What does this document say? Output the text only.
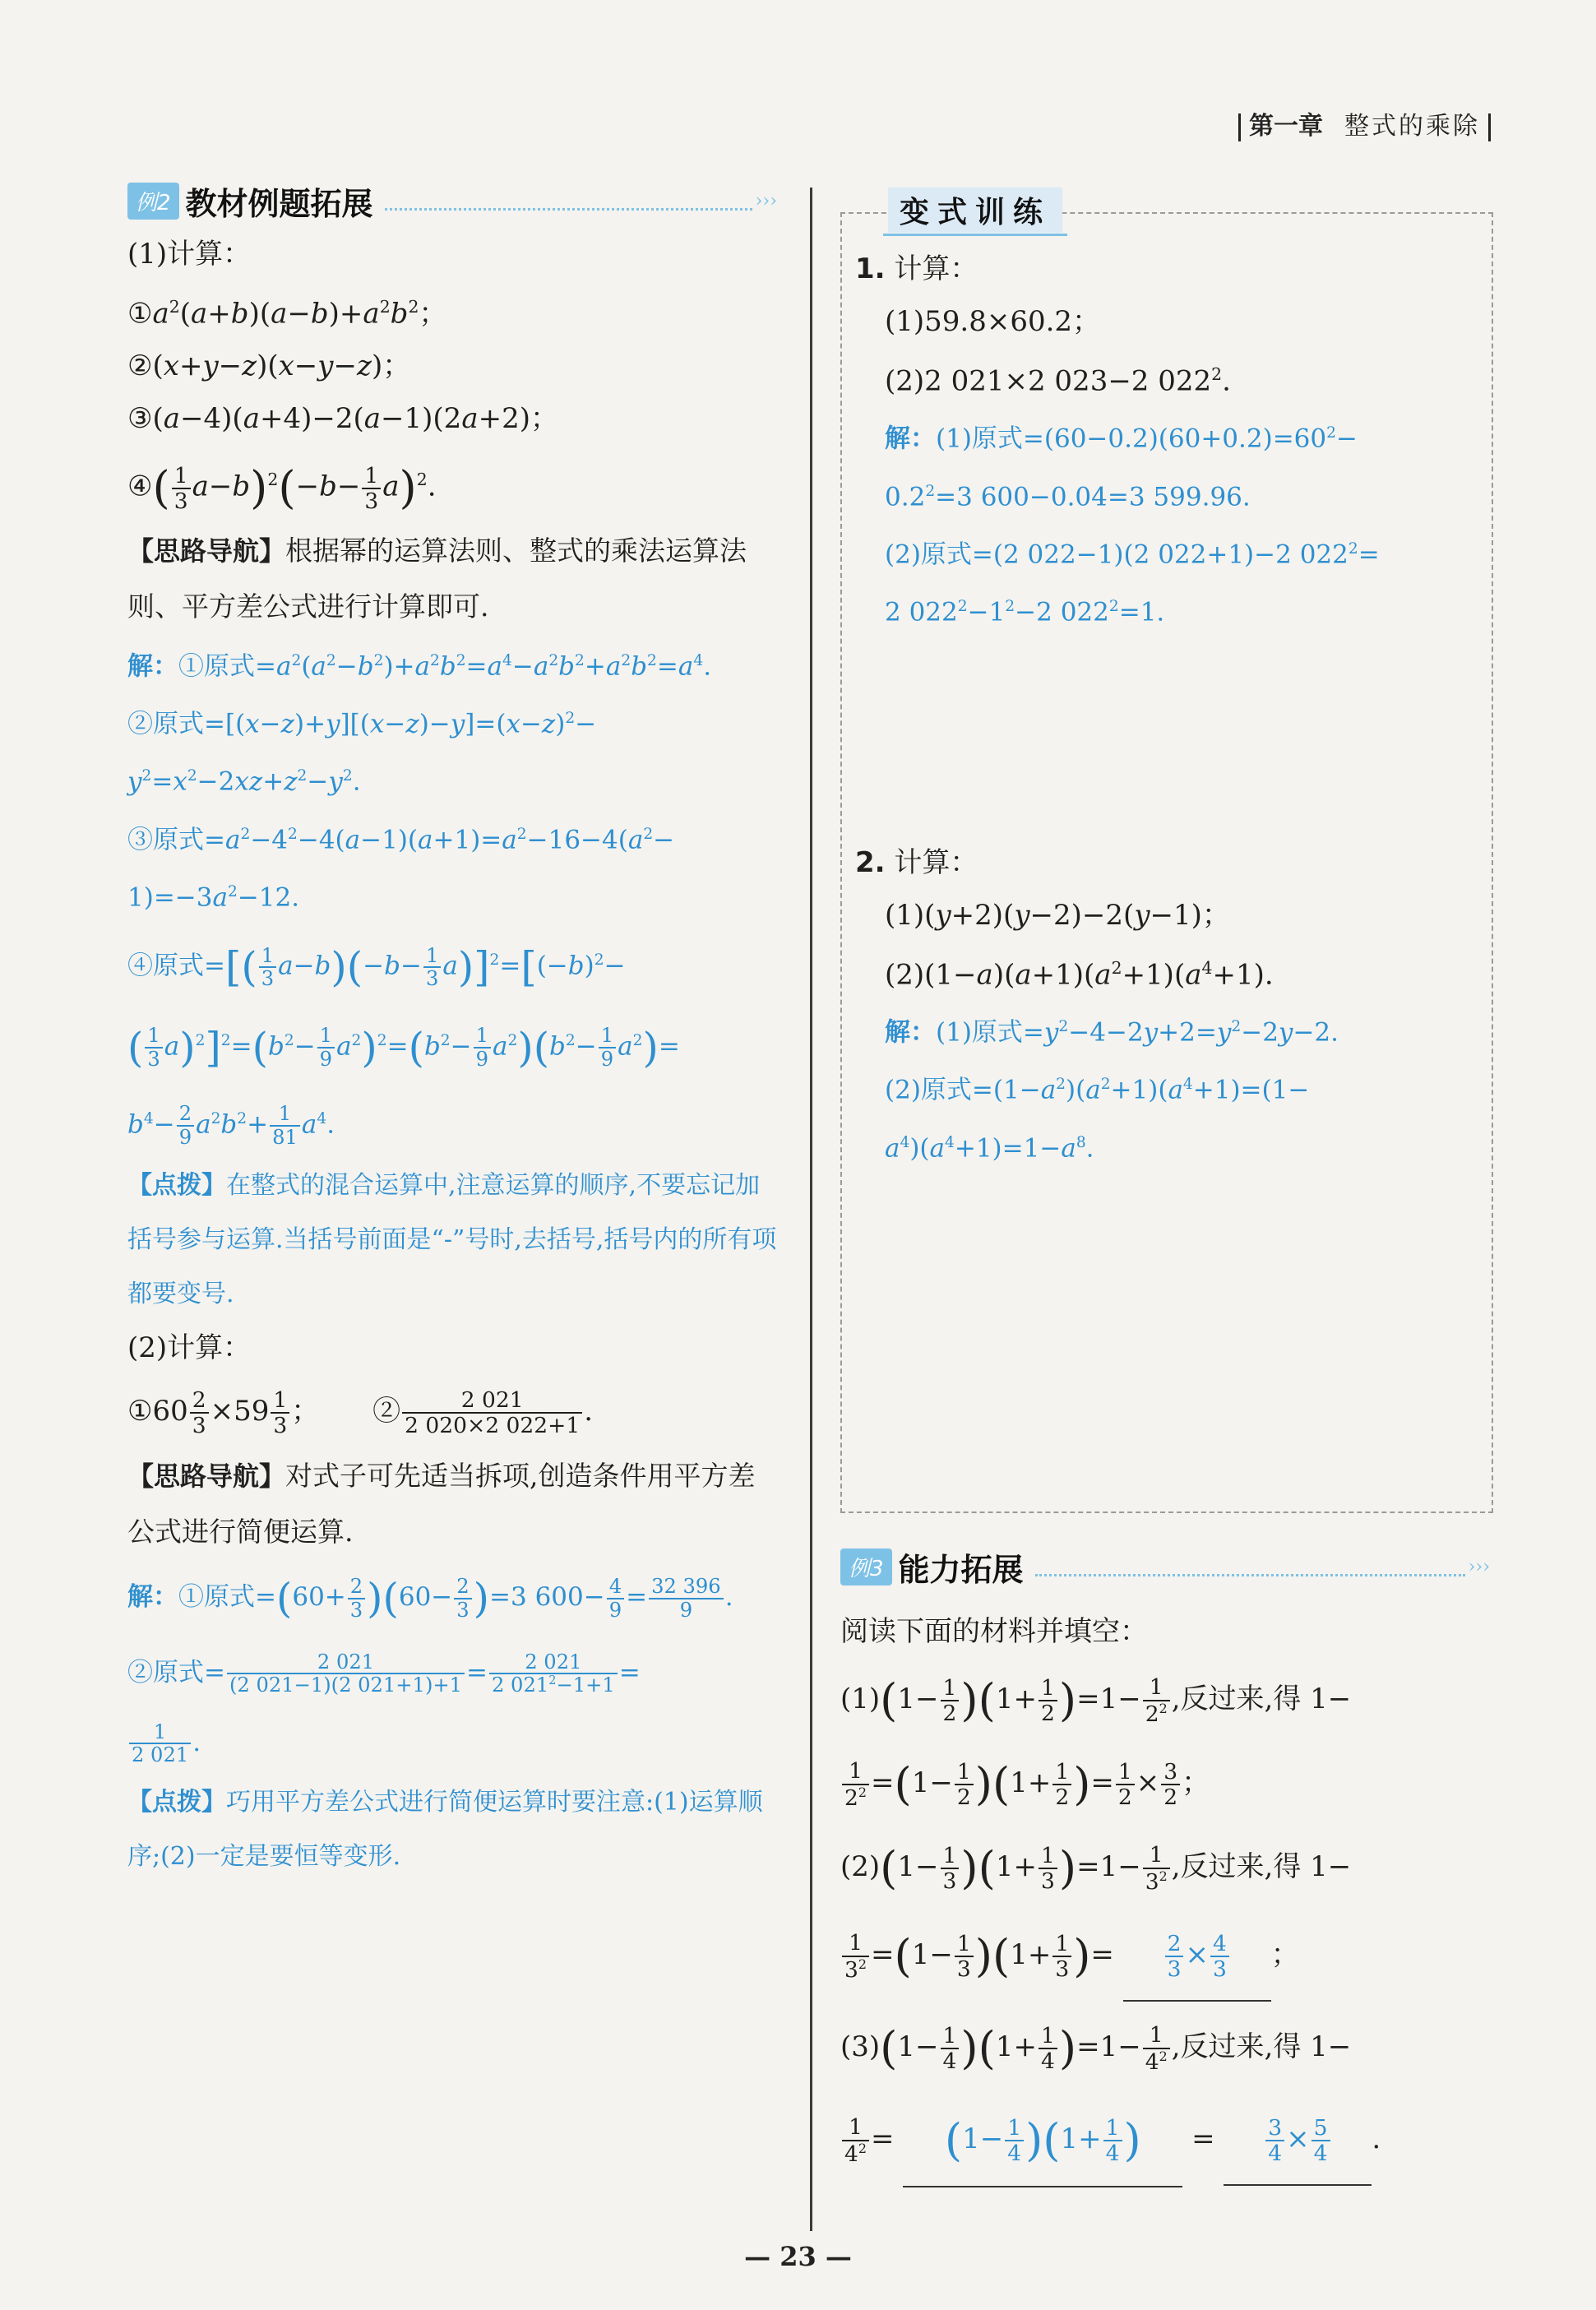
第一章 整式的乘除
例2 教材例题拓展	›››
(1)计算：
$①a^2(a+b)(a-b)+a^2b^2$；
②(x+y−z)(x−y−z)；
③(a−4)(a+4)−2(a−1)(2a+2)；
④( $\frac{1}{3} a-b)^2(-b- \frac{1}{3} a)^2$.
【思路导航】根据幂的运算法则、整式的乘法运算法则、平方差公式进行计算即可.
解：①原式$=a^2(a^2-b^2)+a^2b^2=a^4-a^2b^2+a^2b^2=a^4$.
②原式$=[(x-z)+y][(x-z)-y]=(x-z)^2-$
$y^2=x^2-2xz+z^2-y^2$.
③原式$=a^2-4^2-4(a-1)(a+1)=a^2-16-4(a^2-$
$1)=-3a^2-12$.
④原式=[( $\frac{1}{3} a-b)(-b- \frac{1}{3} a)]^2=[(-b)^2-$
( $\frac{1}{3} a)^2]^2=(b^2- \frac{1}{9} a^2)^2=(b^2- \frac{1}{9} a^2)(b^2- \frac{1}{9} a^2)=$
$b^4- \frac{2}{9} a^2b^2+ \frac{1}{81} a^4$.
【点拨】在整式的混合运算中,注意运算的顺序,不要忘记加括号参与运算.当括号前面是“-”号时,去括号,括号内的所有项都要变号.
(2)计算：
①60 $\frac{2}{3} \times 59 \frac{1}{3}$ ；      ② $\frac{2 021}{2 020\times 2 022+1}$ .
【思路导航】对式子可先适当拆项,创造条件用平方差公式进行简便运算.
解：①原式$=(60+ \frac{2}{3} )(60- \frac{2}{3} )=3$ $600- \frac{4}{9} = \frac{32 396}{9}$ .
②原式= $\frac{2 021}{(2 021-1)(2 021+1)+1} = \frac{2 021}{2 021^2-1+1}$ =
$\frac{1}{2 021}$ .
【点拨】巧用平方差公式进行简便运算时要注意:(1)运算顺序;(2)一定是要恒等变形.
变式训练
1. 计算：
(1)59.8×60.2；
(2)2 021×2 023−2 $022^2$.
解：(1)原式$=(60-0.2)(60+0.2)=60^2-$
$0.2^2=3$ 600−0.04=3 599.96.
(2)原式=(2 022−1)(2 022+1)−2 $022^2=$
2 $022^2-1^2-2$ $022^2=1$.
2. 计算：
(1)(y+2)(y−2)−2(y−1)；
$(2)(1-a)(a+1)(a^2+1)(a^4+1)$.
解：(1)原式$=y^2-4-2y+2=y^2-2y-2$.
(2)原式$=(1-a^2)(a^2+1)(a^4+1)=(1-$
$a^4)(a^4+1)=1-a^8$.
例3 能力拓展	›››
阅读下面的材料并填空：
$(1)(1- \frac{1}{2} )(1+ \frac{1}{2} )=1- \frac{1}{2^2}$ ,反过来,得 1−
$\frac{1}{2^2} =(1- \frac{1}{2} )(1+ \frac{1}{2}$ )= $\frac{1}{2} \times \frac{3}{2}$ ；
$(2)(1- \frac{1}{3} )(1+ \frac{1}{3} )=1- \frac{1}{3^2}$ ,反过来,得 1−
$\frac{1}{3^2} =(1- \frac{1}{3} )(1+ \frac{1}{3}$ )= $\frac{2}{3} \times \frac{4}{3}$ ；
$(3)(1- \frac{1}{4} )(1+ \frac{1}{4} )=1- \frac{1}{4^2}$ ,反过来,得 1−
$\frac{1}{4^2} = (1- \frac{1}{4} )(1+ \frac{1}{4}$ ) = $\frac{3}{4} \times \frac{5}{4}$ .
— 23 —
